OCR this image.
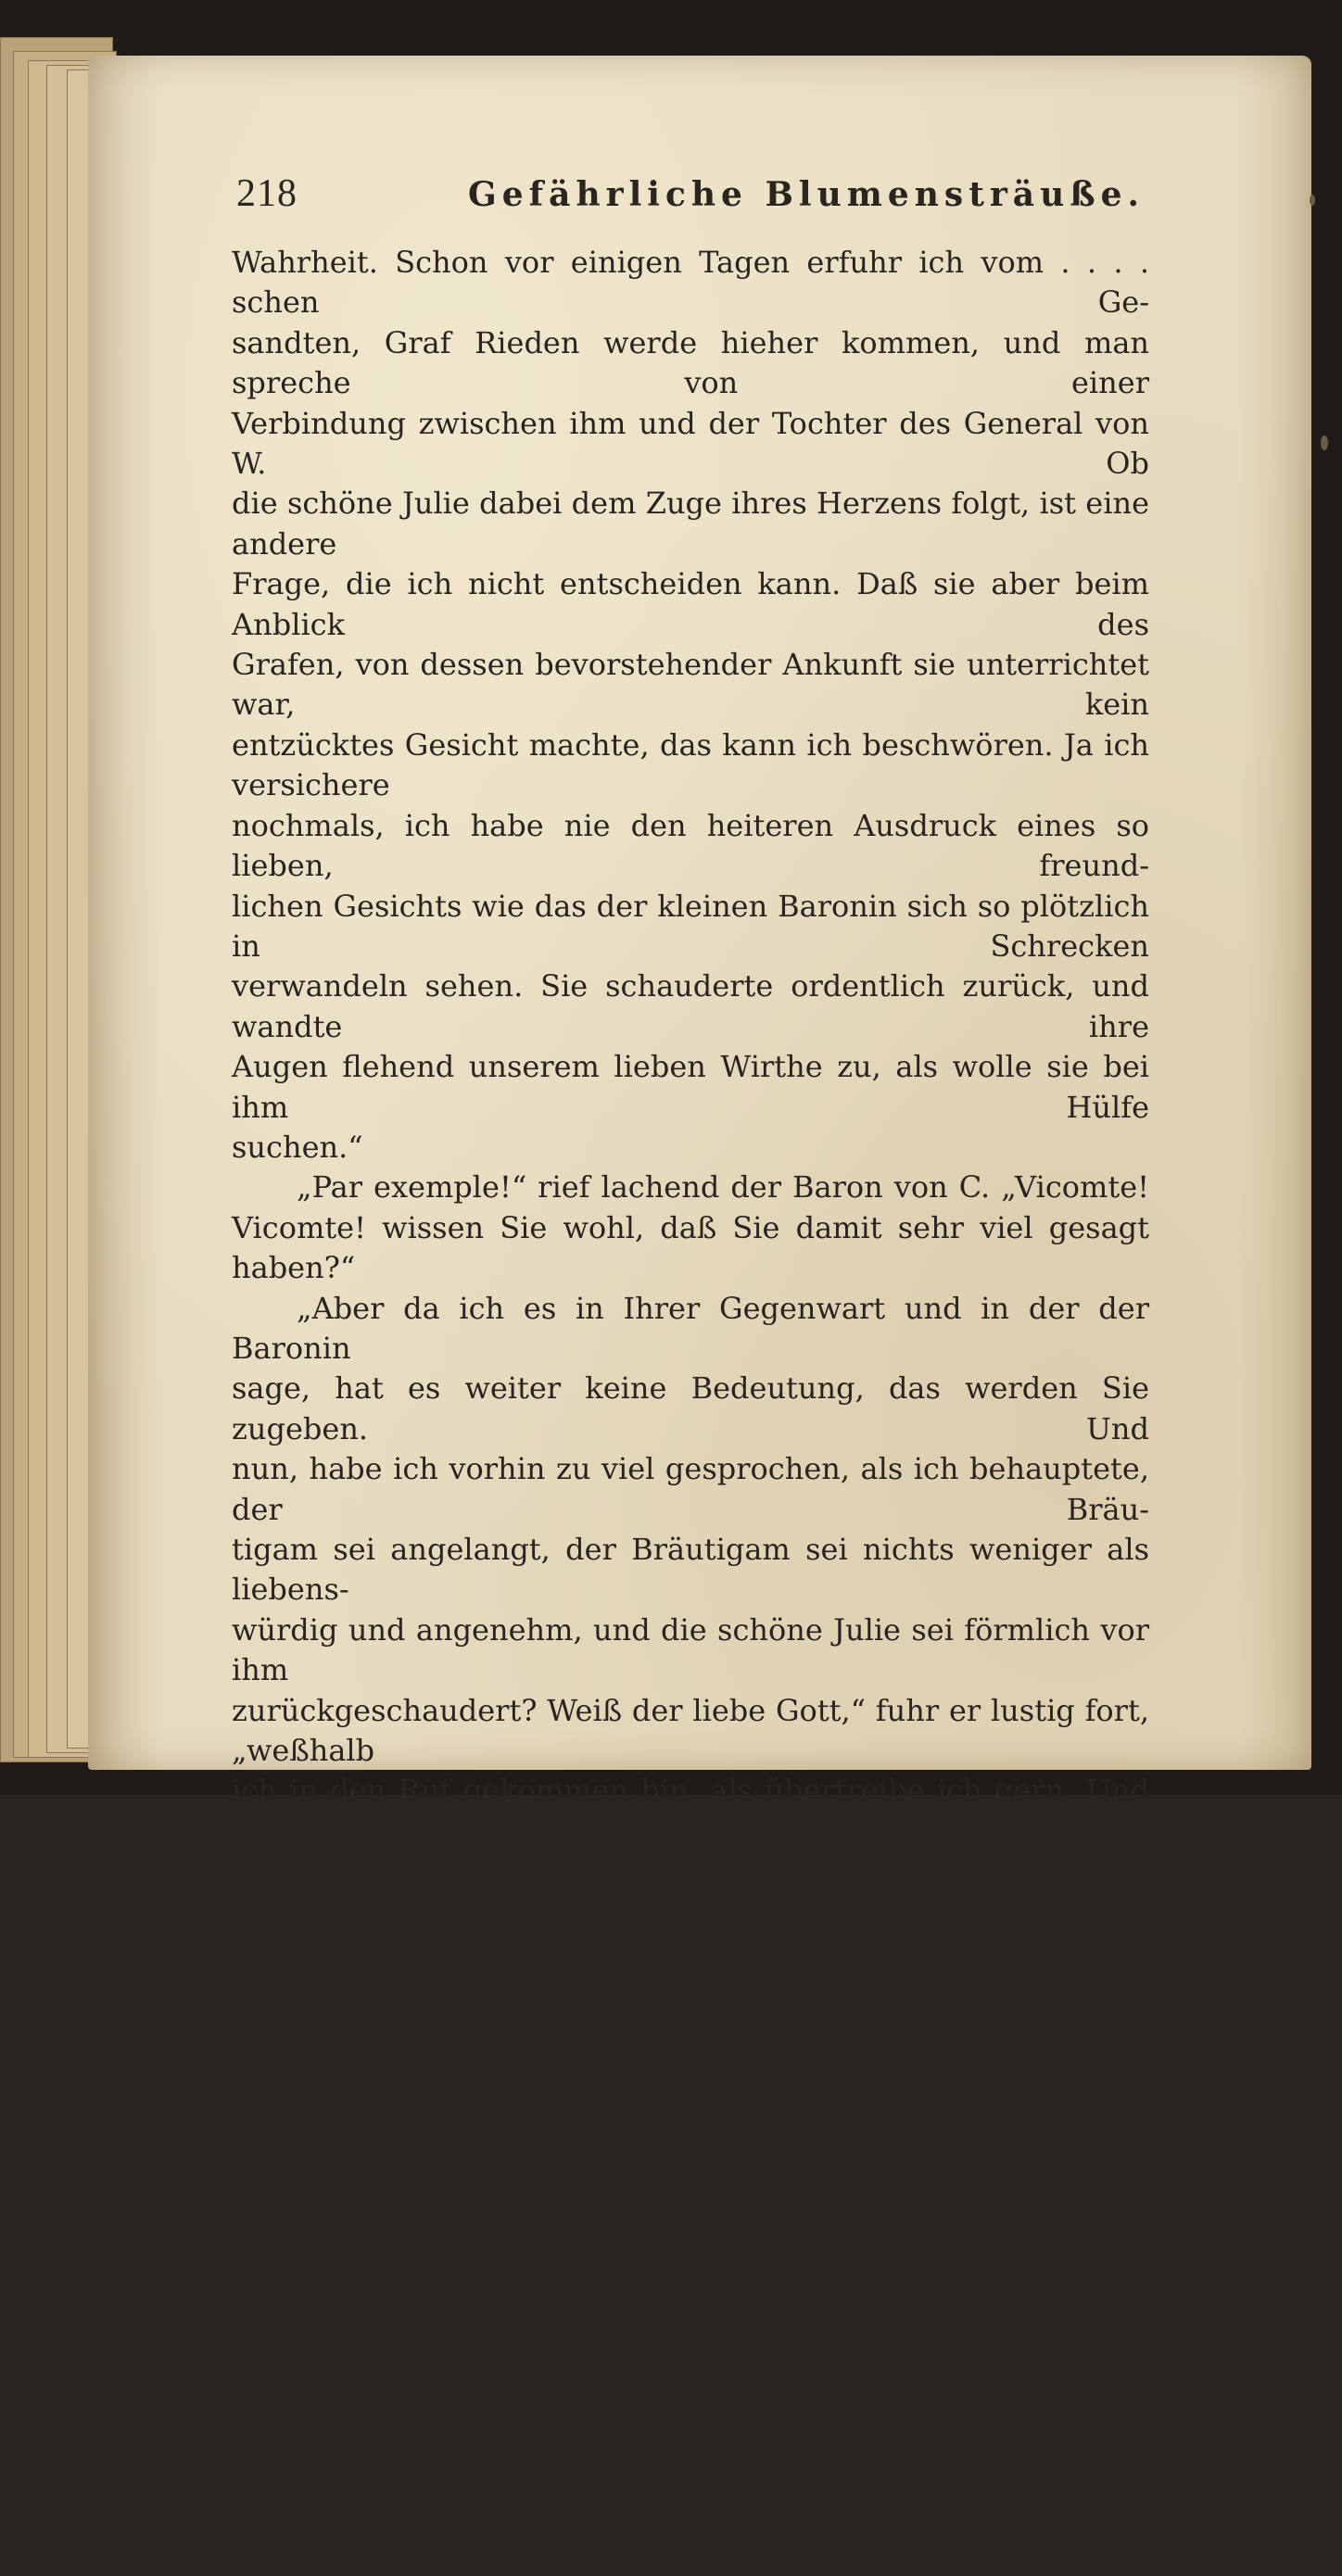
218	Gefährliche Blumensträuße.

Wahrheit. Schon vor einigen Tagen erfuhr ich vom . . . . schen Ge-

sandten, Graf Rieden werde hieher kommen, und man spreche von einer

Verbindung zwischen ihm und der Tochter des General von W. Ob

die schöne Julie dabei dem Zuge ihres Herzens folgt, ist eine andere

Frage, die ich nicht entscheiden kann. Daß sie aber beim Anblick des

Grafen, von dessen bevorstehender Ankunft sie unterrichtet war, kein

entzücktes Gesicht machte, das kann ich beschwören. Ja ich versichere

nochmals, ich habe nie den heiteren Ausdruck eines so lieben, freund-

lichen Gesichts wie das der kleinen Baronin sich so plötzlich in Schrecken

verwandeln sehen. Sie schauderte ordentlich zurück, und wandte ihre

Augen flehend unserem lieben Wirthe zu, als wolle sie bei ihm Hülfe

suchen.“

„Par exemple!“ rief lachend der Baron von C. „Vicomte!

Vicomte! wissen Sie wohl, daß Sie damit sehr viel gesagt haben?“

„Aber da ich es in Ihrer Gegenwart und in der der Baronin

sage, hat es weiter keine Bedeutung, das werden Sie zugeben. Und

nun, habe ich vorhin zu viel gesprochen, als ich behauptete, der Bräu-

tigam sei angelangt, der Bräutigam sei nichts weniger als liebens-

würdig und angenehm, und die schöne Julie sei förmlich vor ihm

zurückgeschaudert? Weiß der liebe Gott,“ fuhr er lustig fort, „weßhalb

ich in den Ruf gekommen bin, als übertreibe ich gern. Und es hilft der

armen kleinen Julie nichts, sie wird den Grafen doch heirathen müssen.“

„Ich wette nein,“ sprach der Rittmeister mit großer Ruhe.

Worauf Alles lachte und Julius sich veranlaßt sah, den Kopf

seinem Nachbar zuzuwenden und ihm zu sagen: „Ich wollte doch wahr-

haftig, es fände sich Jemand, der dich und deine Wetten einmal beim

Wort nähme.“

„Ich stehe zu Befehl für Jeden, der Lust hat; alles Ernstes, eine

gleiche Wette: der Graf wird die Baronin nicht heirathen.“

„Und weßhalb?“ fragte der Hausherr.

„Das weiß er ebenso wenig als wir Andere; Gründe hat er nie.

Er will nur wie gewöhnlich eine Wette vorschlagen.“
